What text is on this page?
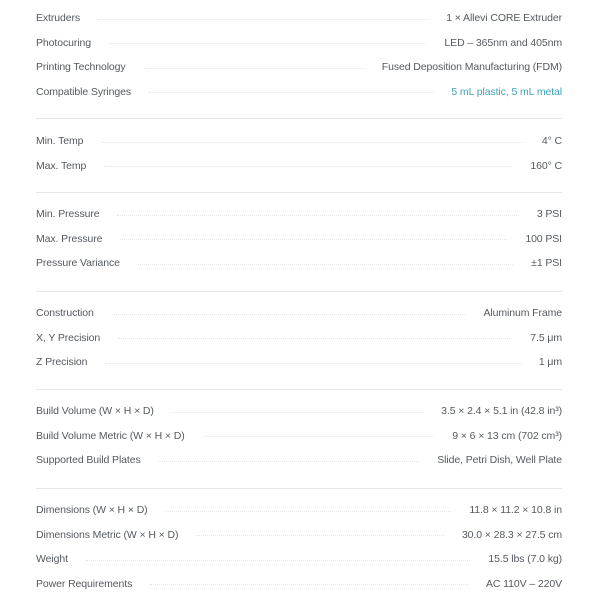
Extruders	1 × Allevi CORE Extruder
Photocuring	LED – 365nm and 405nm
Printing Technology	Fused Deposition Manufacturing (FDM)
Compatible Syringes	5 mL plastic, 5 mL metal
Min. Temp	4° C
Max. Temp	160° C
Min. Pressure	3 PSI
Max. Pressure	100 PSI
Pressure Variance	±1 PSI
Construction	Aluminum Frame
X, Y Precision	7.5 μm
Z Precision	1 μm
Build Volume (W × H × D)	3.5 × 2.4 × 5.1 in (42.8 in³)
Build Volume Metric (W × H × D)	9 × 6 × 13 cm (702 cm³)
Supported Build Plates	Slide, Petri Dish, Well Plate
Dimensions (W × H × D)	11.8 × 11.2 × 10.8 in
Dimensions Metric (W × H × D)	30.0 × 28.3 × 27.5 cm
Weight	15.5 lbs (7.0 kg)
Power Requirements	AC 110V – 220V
